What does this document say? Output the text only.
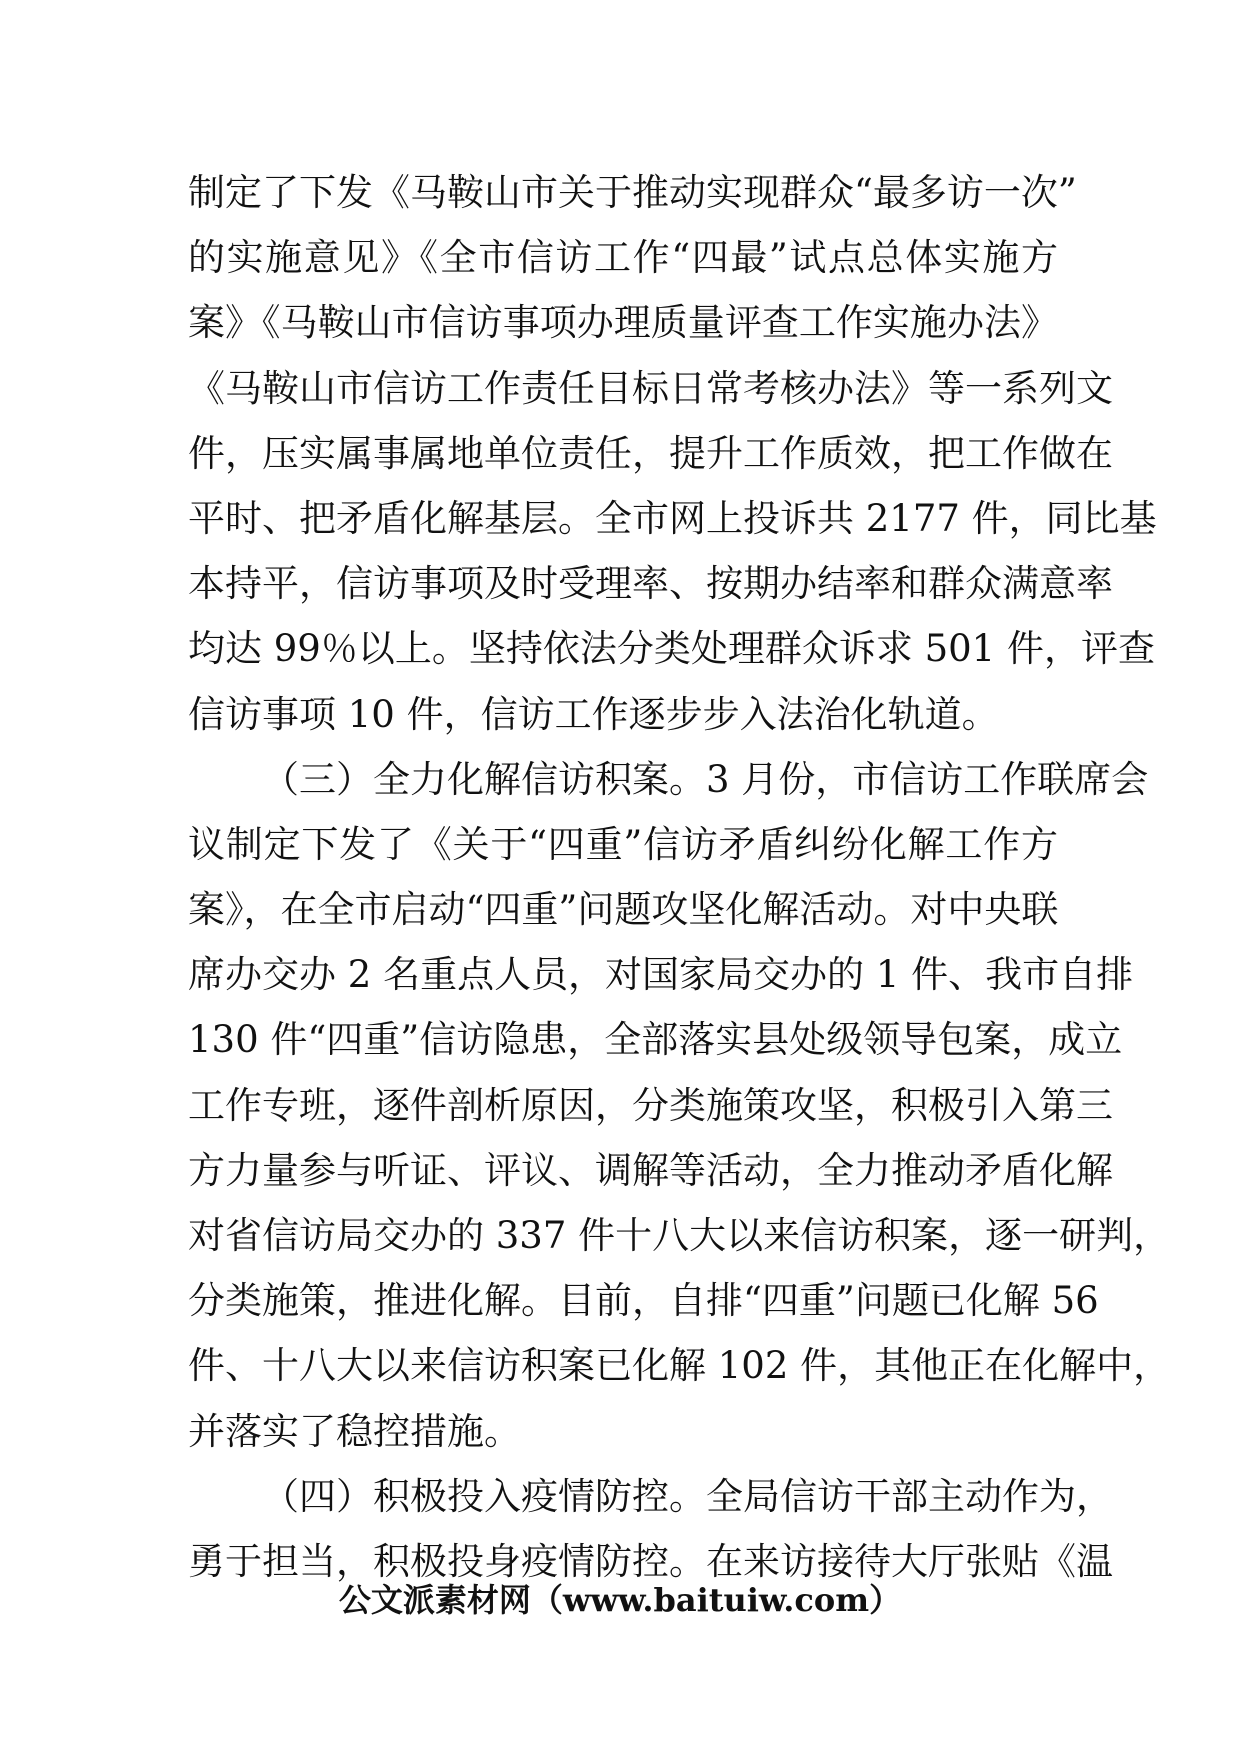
制定了下发《马鞍山市关于推动实现群众“最多访一次”
的实施意见》《全市信访工作“四最”试点总体实施方
案》《马鞍山市信访事项办理质量评查工作实施办法》
《马鞍山市信访工作责任目标日常考核办法》等一系列文
件，压实属事属地单位责任，提升工作质效，把工作做在
平时、把矛盾化解基层。全市网上投诉共 2177 件，同比基
本持平，信访事项及时受理率、按期办结率和群众满意率
均达 99％以上。坚持依法分类处理群众诉求 501 件，评查
信访事项 10 件，信访工作逐步步入法治化轨道。
（三）全力化解信访积案。3 月份，市信访工作联席会
议制定下发了《关于“四重”信访矛盾纠纷化解工作方
案》，在全市启动“四重”问题攻坚化解活动。对中央联
席办交办 2 名重点人员，对国家局交办的 1 件、我市自排
130 件“四重”信访隐患，全部落实县处级领导包案，成立
工作专班，逐件剖析原因，分类施策攻坚，积极引入第三
方力量参与听证、评议、调解等活动，全力推动矛盾化解
对省信访局交办的 337 件十八大以来信访积案，逐一研判，
分类施策，推进化解。目前，自排“四重”问题已化解 56
件、十八大以来信访积案已化解 102 件，其他正在化解中，
并落实了稳控措施。
（四）积极投入疫情防控。全局信访干部主动作为，
勇于担当，积极投身疫情防控。在来访接待大厅张贴《温
公文派素材网（www.baituiw.com）
